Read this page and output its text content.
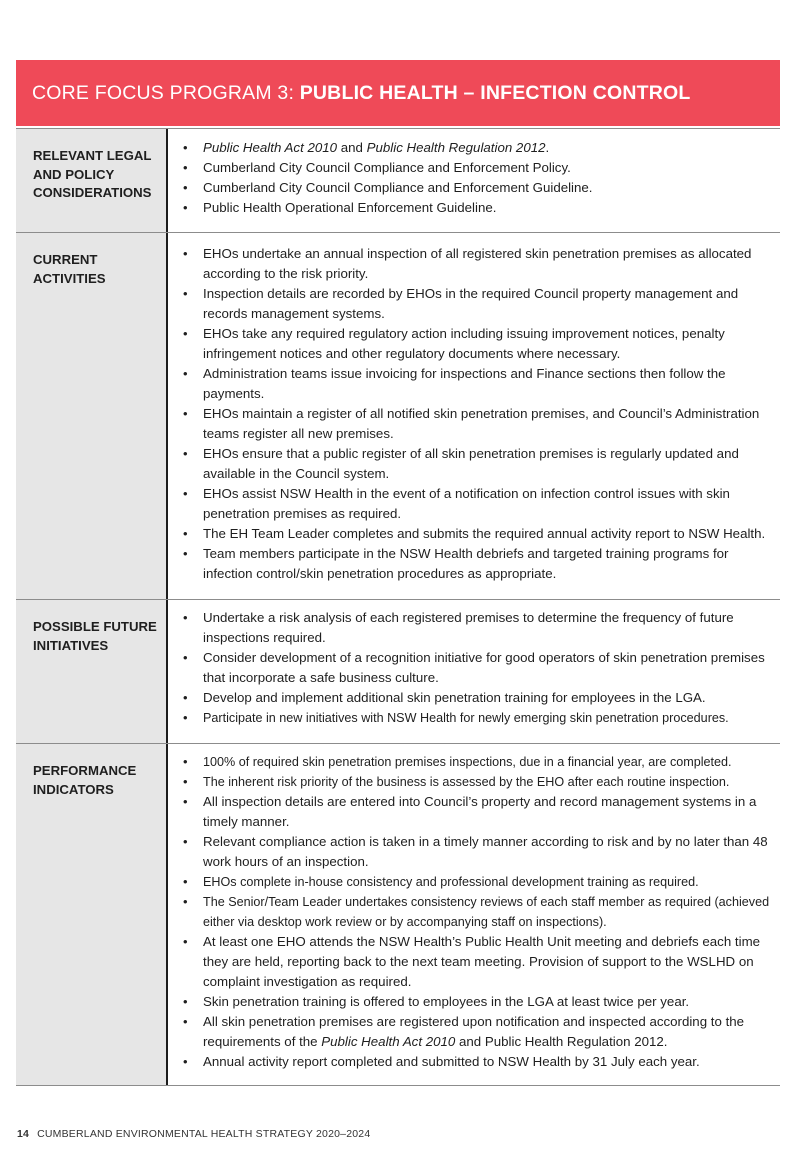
CORE FOCUS PROGRAM 3: PUBLIC HEALTH – INFECTION CONTROL
RELEVANT LEGAL AND POLICY CONSIDERATIONS
• Public Health Act 2010 and Public Health Regulation 2012.
• Cumberland City Council Compliance and Enforcement Policy.
• Cumberland City Council Compliance and Enforcement Guideline.
• Public Health Operational Enforcement Guideline.
CURRENT ACTIVITIES
• EHOs undertake an annual inspection of all registered skin penetration premises as allocated according to the risk priority.
• Inspection details are recorded by EHOs in the required Council property management and records management systems.
• EHOs take any required regulatory action including issuing improvement notices, penalty infringement notices and other regulatory documents where necessary.
• Administration teams issue invoicing for inspections and Finance sections then follow the payments.
• EHOs maintain a register of all notified skin penetration premises, and Council’s Administration teams register all new premises.
• EHOs ensure that a public register of all skin penetration premises is regularly updated and available in the Council system.
• EHOs assist NSW Health in the event of a notification on infection control issues with skin penetration premises as required.
• The EH Team Leader completes and submits the required annual activity report to NSW Health.
• Team members participate in the NSW Health debriefs and targeted training programs for infection control/skin penetration procedures as appropriate.
POSSIBLE FUTURE INITIATIVES
• Undertake a risk analysis of each registered premises to determine the frequency of future inspections required.
• Consider development of a recognition initiative for good operators of skin penetration premises that incorporate a safe business culture.
• Develop and implement additional skin penetration training for employees in the LGA.
• Participate in new initiatives with NSW Health for newly emerging skin penetration procedures.
PERFORMANCE INDICATORS
• 100% of required skin penetration premises inspections, due in a financial year, are completed.
• The inherent risk priority of the business is assessed by the EHO after each routine inspection.
• All inspection details are entered into Council’s property and record management systems in a timely manner.
• Relevant compliance action is taken in a timely manner according to risk and by no later than 48 work hours of an inspection.
• EHOs complete in-house consistency and professional development training as required.
• The Senior/Team Leader undertakes consistency reviews of each staff member as required (achieved either via desktop work review or by accompanying staff on inspections).
• At least one EHO attends the NSW Health’s Public Health Unit meeting and debriefs each time they are held, reporting back to the next team meeting. Provision of support to the WSLHD on complaint investigation as required.
• Skin penetration training is offered to employees in the LGA at least twice per year.
• All skin penetration premises are registered upon notification and inspected according to the requirements of the Public Health Act 2010 and Public Health Regulation 2012.
• Annual activity report completed and submitted to NSW Health by 31 July each year.
14 CUMBERLAND ENVIRONMENTAL HEALTH STRATEGY 2020–2024
